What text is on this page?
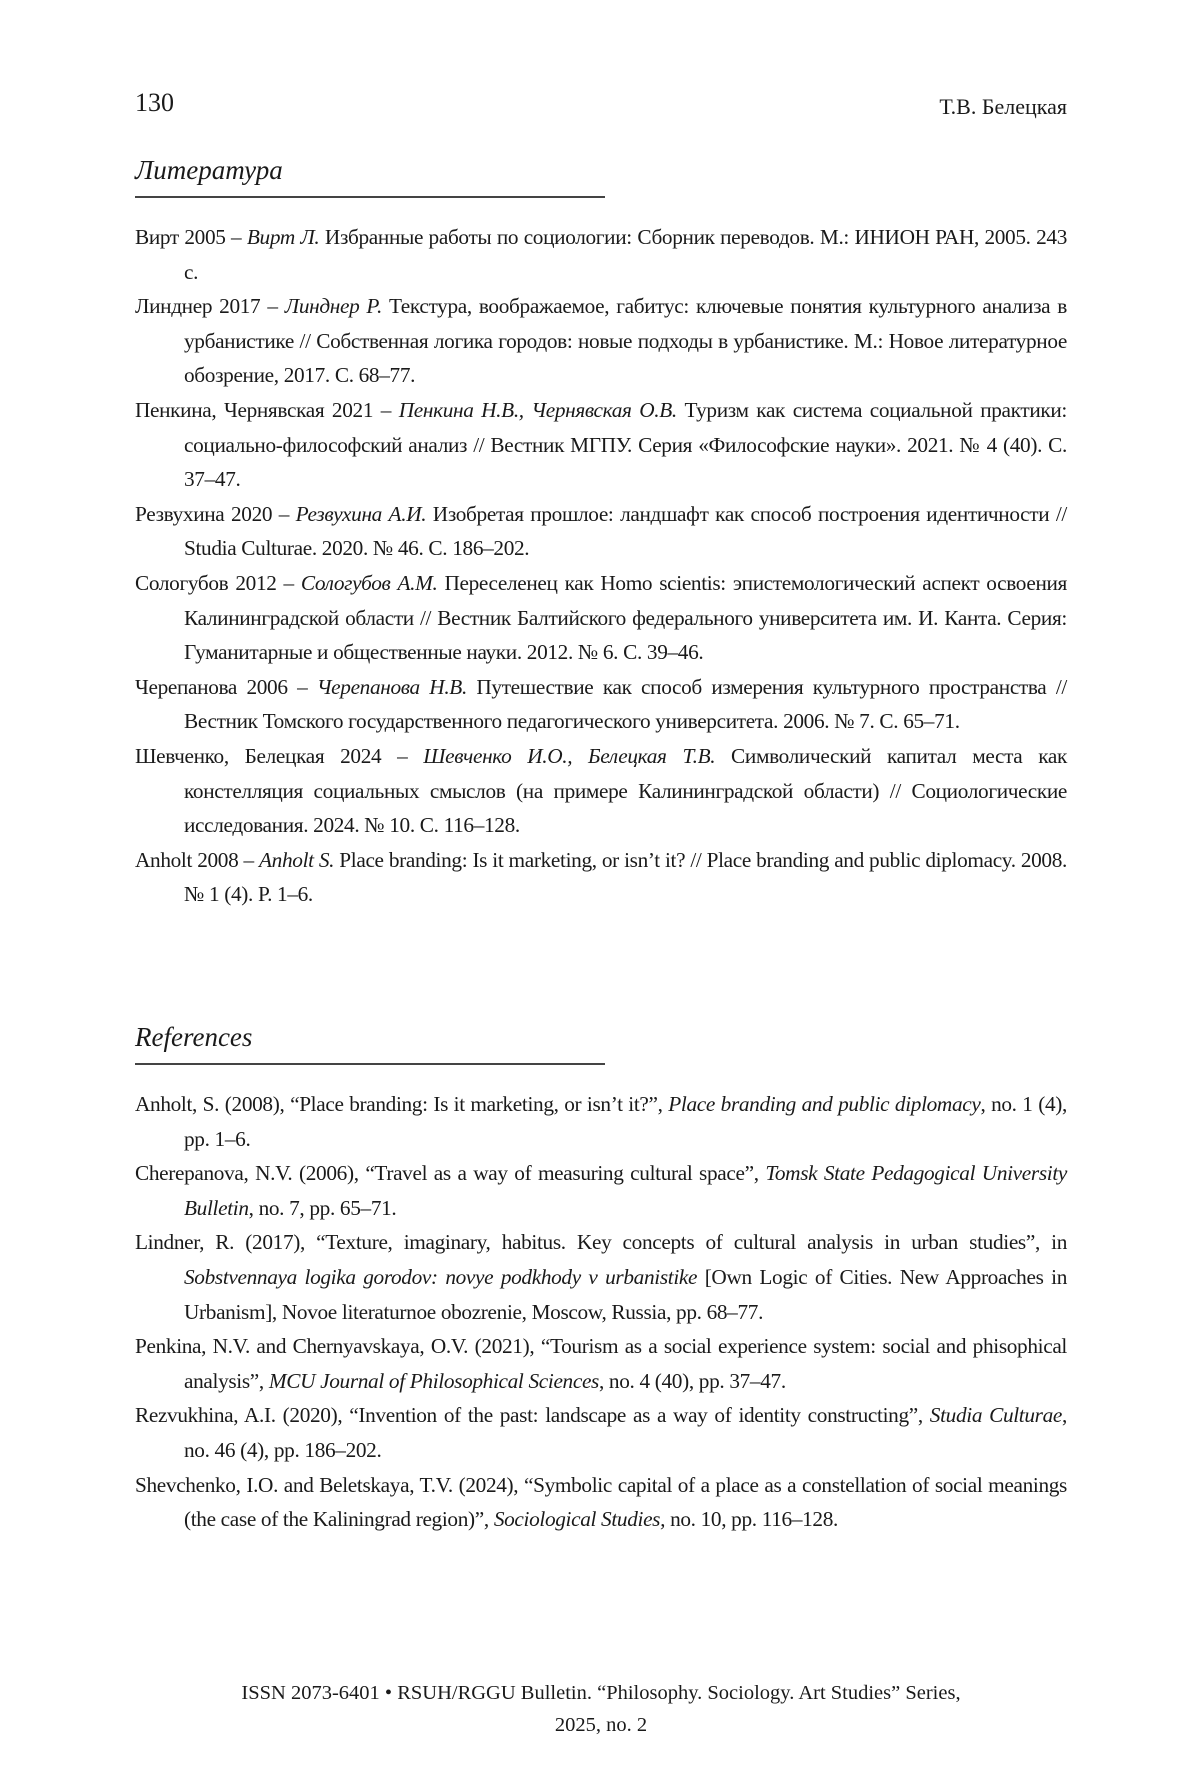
130	Т.В. Белецкая
Литература
Вирт 2005 – Вирт Л. Избранные работы по социологии: Сборник переводов. М.: ИНИОН РАН, 2005. 243 с.
Линднер 2017 – Линднер Р. Текстура, воображаемое, габитус: ключевые понятия культурного анализа в урбанистике // Собственная логика городов: новые подходы в урбанистике. М.: Новое литературное обозрение, 2017. С. 68–77.
Пенкина, Чернявская 2021 – Пенкина Н.В., Чернявская О.В. Туризм как система социальной практики: социально-философский анализ // Вестник МГПУ. Серия «Философские науки». 2021. № 4 (40). С. 37–47.
Резвухина 2020 – Резвухина А.И. Изобретая прошлое: ландшафт как способ построения идентичности // Studia Culturae. 2020. № 46. С. 186–202.
Сологубов 2012 – Сологубов А.М. Переселенец как Homo scientis: эпистемологический аспект освоения Калининградской области // Вестник Балтийского федерального университета им. И. Канта. Серия: Гуманитарные и общественные науки. 2012. № 6. С. 39–46.
Черепанова 2006 – Черепанова Н.В. Путешествие как способ измерения культурного пространства // Вестник Томского государственного педагогического университета. 2006. № 7. С. 65–71.
Шевченко, Белецкая 2024 – Шевченко И.О., Белецкая Т.В. Символический капитал места как констелляция социальных смыслов (на примере Калининградской области) // Социологические исследования. 2024. № 10. С. 116–128.
Anholt 2008 – Anholt S. Place branding: Is it marketing, or isn’t it? // Place branding and public diplomacy. 2008. № 1 (4). P. 1–6.
References
Anholt, S. (2008), “Place branding: Is it marketing, or isn’t it?”, Place branding and public diplomacy, no. 1 (4), pp. 1–6.
Cherepanova, N.V. (2006), “Travel as a way of measuring cultural space”, Tomsk State Pedagogical University Bulletin, no. 7, pp. 65–71.
Lindner, R. (2017), “Texture, imaginary, habitus. Key concepts of cultural analysis in urban studies”, in Sobstvennaya logika gorodov: novye podkhody v urbanistike [Own Logic of Cities. New Approaches in Urbanism], Novoe literaturnoe obozrenie, Moscow, Russia, pp. 68–77.
Penkina, N.V. and Chernyavskaya, O.V. (2021), “Tourism as a social experience system: social and phisophical analysis”, MCU Journal of Philosophical Sciences, no. 4 (40), pp. 37–47.
Rezvukhina, A.I. (2020), “Invention of the past: landscape as a way of identity constructing”, Studia Culturae, no. 46 (4), pp. 186–202.
Shevchenko, I.O. and Beletskaya, T.V. (2024), “Symbolic capital of a place as a constellation of social meanings (the case of the Kaliningrad region)”, Sociological Studies, no. 10, pp. 116–128.
ISSN 2073-6401 • RSUH/RGGU Bulletin. “Philosophy. Sociology. Art Studies” Series,
2025, no. 2
